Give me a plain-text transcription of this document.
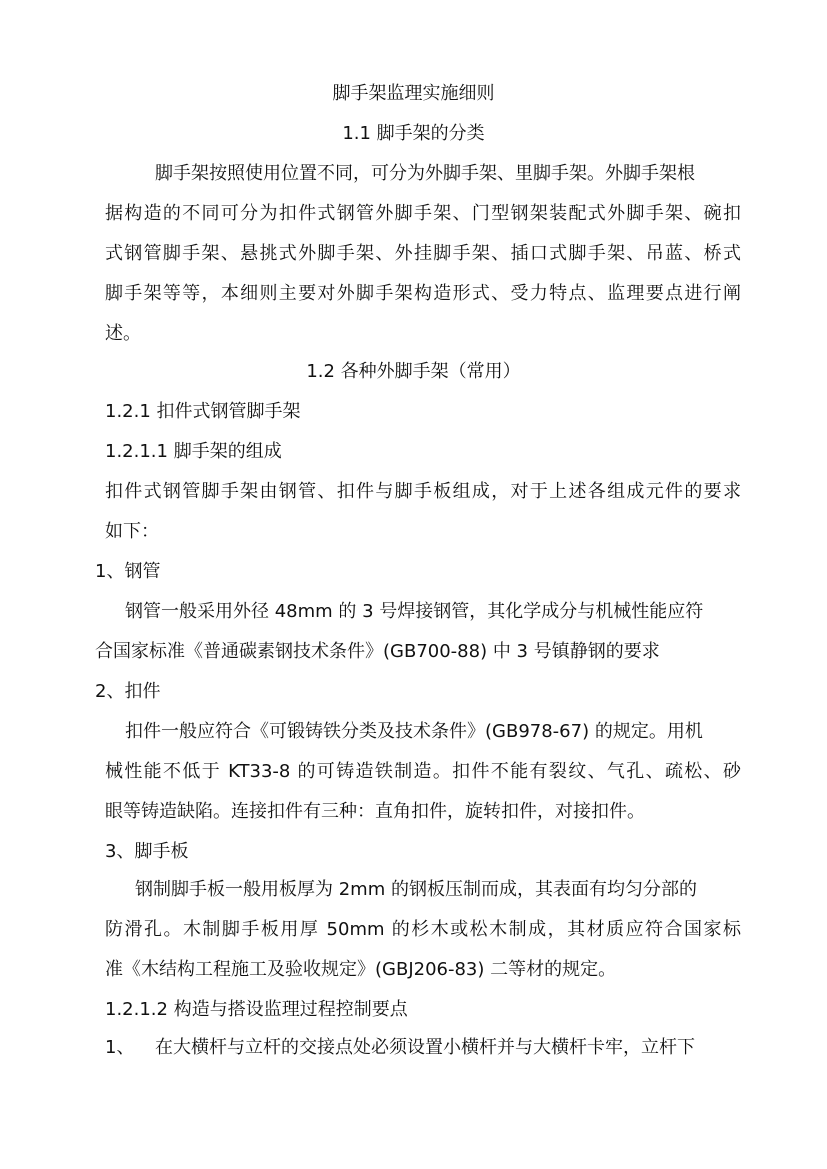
脚手架监理实施细则
1.1 脚手架的分类
脚手架按照使用位置不同，可分为外脚手架、里脚手架。外脚手架根
据构造的不同可分为扣件式钢管外脚手架、门型钢架装配式外脚手架、碗扣
式钢管脚手架、悬挑式外脚手架、外挂脚手架、插口式脚手架、吊蓝、桥式
脚手架等等，本细则主要对外脚手架构造形式、受力特点、监理要点进行阐
述。
1.2 各种外脚手架（常用）
1.2.1 扣件式钢管脚手架
1.2.1.1 脚手架的组成
扣件式钢管脚手架由钢管、扣件与脚手板组成，对于上述各组成元件的要求
如下：
1、钢管
钢管一般采用外径 48mm 的 3 号焊接钢管，其化学成分与机械性能应符
合国家标准《普通碳素钢技术条件》(GB700-88) 中 3 号镇静钢的要求
2、扣件
扣件一般应符合《可锻铸铁分类及技术条件》(GB978-67) 的规定。用机
械性能不低于 KT33-8 的可铸造铁制造。扣件不能有裂纹、气孔、疏松、砂
眼等铸造缺陷。连接扣件有三种：直角扣件，旋转扣件，对接扣件。
3、脚手板
钢制脚手板一般用板厚为 2mm 的钢板压制而成，其表面有均匀分部的
防滑孔。木制脚手板用厚 50mm 的杉木或松木制成，其材质应符合国家标
准《木结构工程施工及验收规定》(GBJ206-83) 二等材的规定。
1.2.1.2 构造与搭设监理过程控制要点
1、 在大横杆与立杆的交接点处必须设置小横杆并与大横杆卡牢，立杆下
